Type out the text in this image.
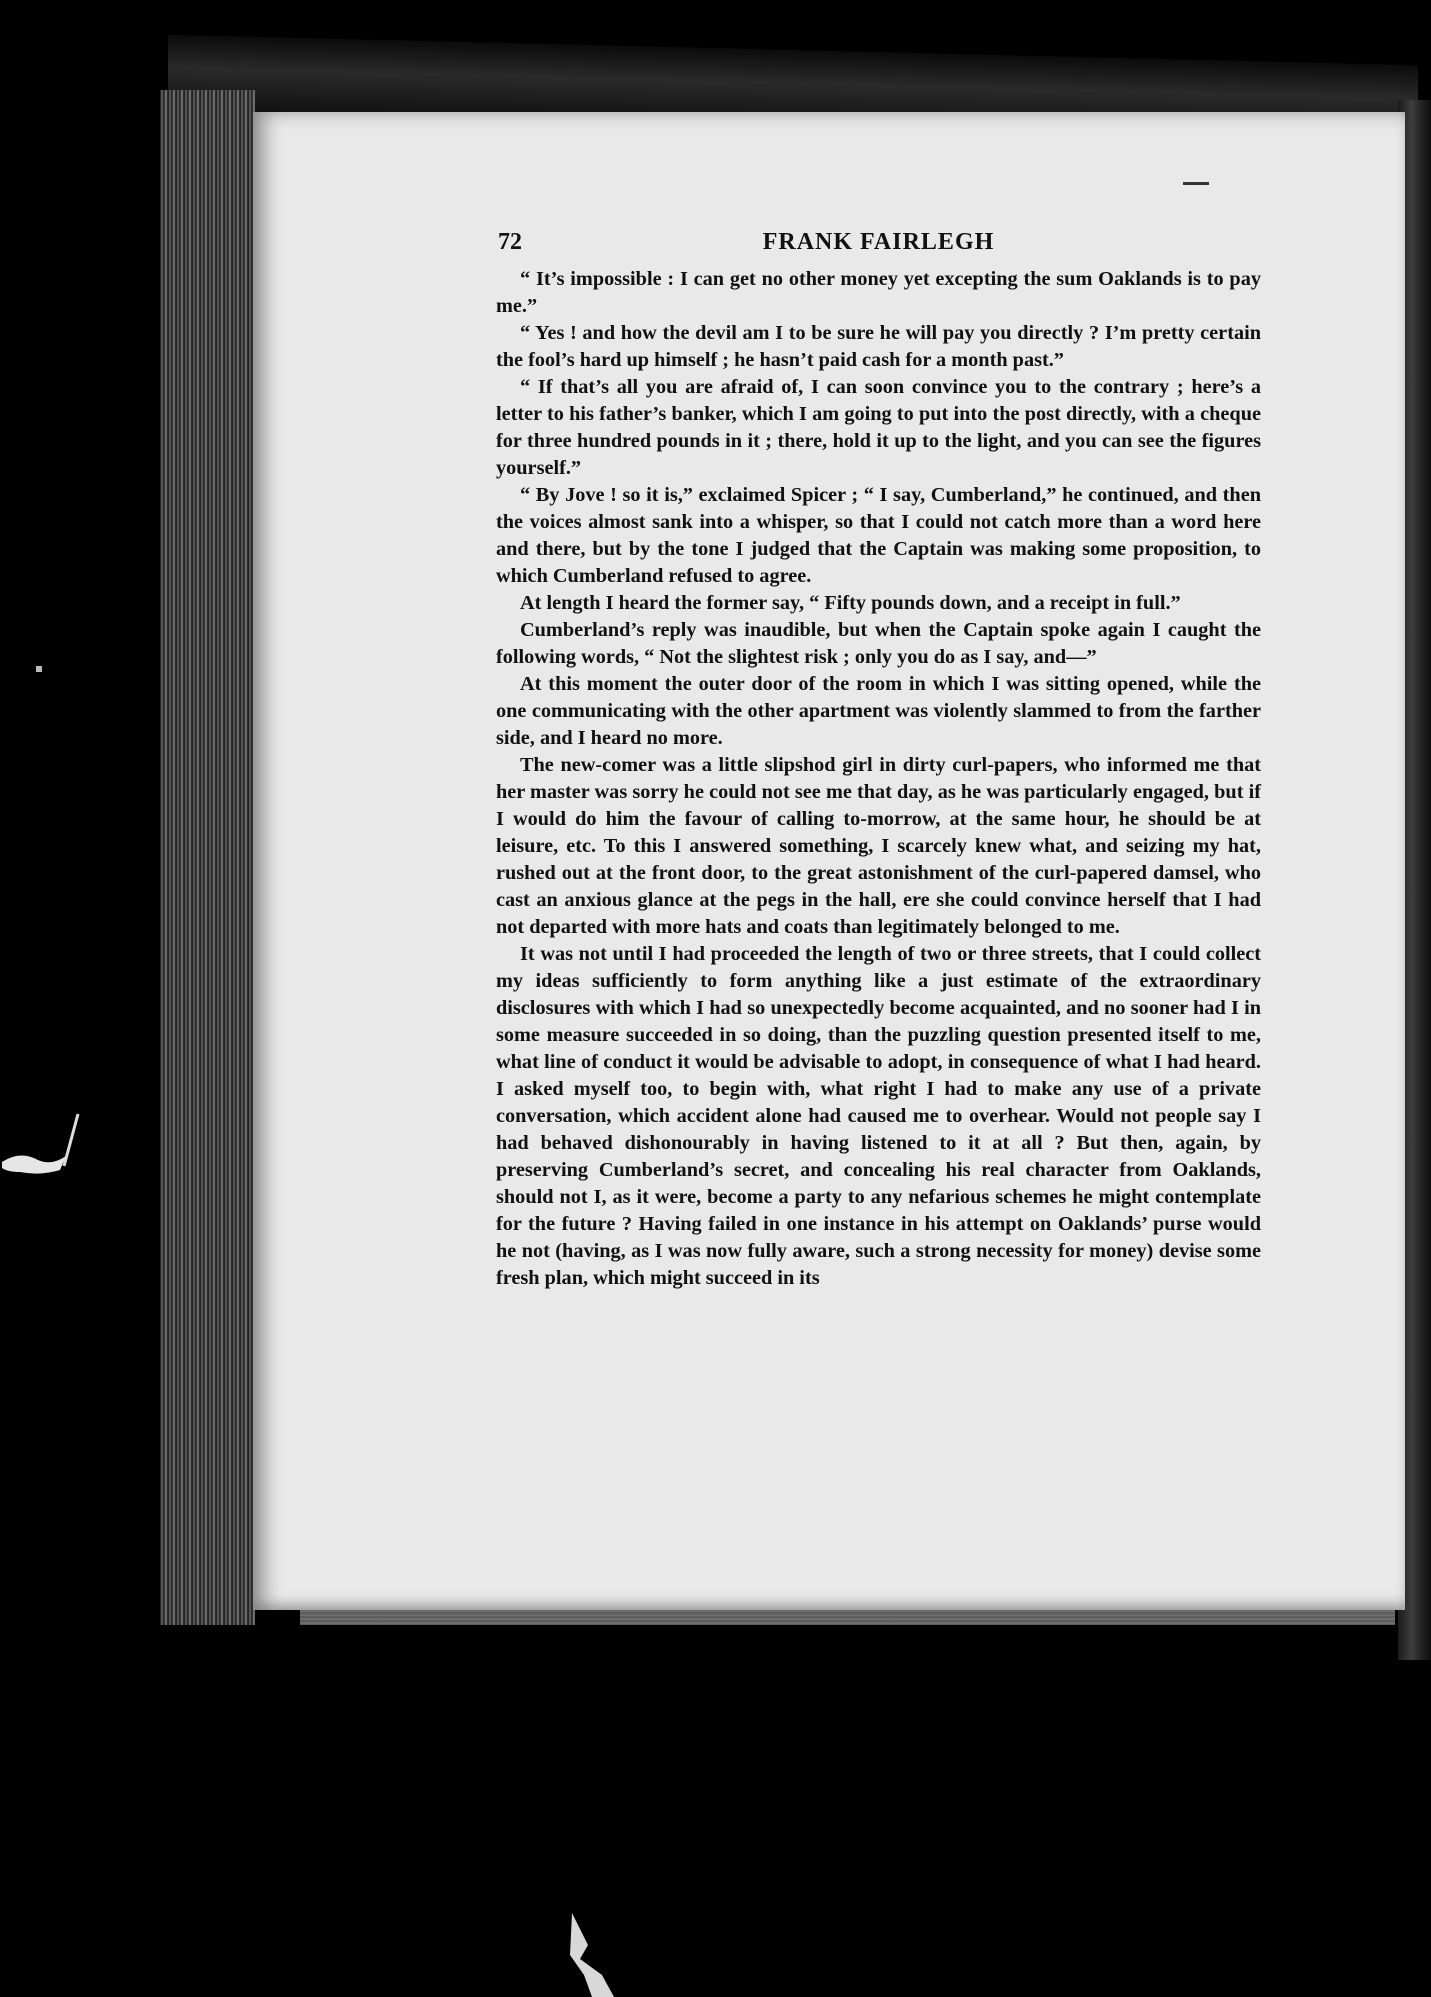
72	FRANK FAIRLEGH

“ It’s impossible : I can get no other money yet excepting the sum Oaklands is to pay me.”

“ Yes ! and how the devil am I to be sure he will pay you directly ? I’m pretty certain the fool’s hard up himself ; he hasn’t paid cash for a month past.”

“ If that’s all you are afraid of, I can soon convince you to the contrary ; here’s a letter to his father’s banker, which I am going to put into the post directly, with a cheque for three hundred pounds in it ; there, hold it up to the light, and you can see the figures yourself.”

“ By Jove ! so it is,” exclaimed Spicer ; “ I say, Cumberland,” he continued, and then the voices almost sank into a whisper, so that I could not catch more than a word here and there, but by the tone I judged that the Captain was making some proposition, to which Cumberland refused to agree.

At length I heard the former say, “ Fifty pounds down, and a receipt in full.”

Cumberland’s reply was inaudible, but when the Captain spoke again I caught the following words, “ Not the slightest risk ; only you do as I say, and—”

At this moment the outer door of the room in which I was sitting opened, while the one communicating with the other apartment was violently slammed to from the farther side, and I heard no more.

The new-comer was a little slipshod girl in dirty curl-papers, who informed me that her master was sorry he could not see me that day, as he was particularly engaged, but if I would do him the favour of calling to-morrow, at the same hour, he should be at leisure, etc. To this I answered something, I scarcely knew what, and seizing my hat, rushed out at the front door, to the great astonishment of the curl-papered damsel, who cast an anxious glance at the pegs in the hall, ere she could convince herself that I had not departed with more hats and coats than legitimately belonged to me.

It was not until I had proceeded the length of two or three streets, that I could collect my ideas sufficiently to form anything like a just estimate of the extraordinary disclosures with which I had so unexpectedly become acquainted, and no sooner had I in some measure succeeded in so doing, than the puzzling question presented itself to me, what line of conduct it would be advisable to adopt, in consequence of what I had heard. I asked myself too, to begin with, what right I had to make any use of a private conversation, which accident alone had caused me to overhear. Would not people say I had behaved dishonourably in having listened to it at all ? But then, again, by preserving Cumberland’s secret, and concealing his real character from Oaklands, should not I, as it were, become a party to any nefarious schemes he might contemplate for the future ? Having failed in one instance in his attempt on Oaklands’ purse would he not (having, as I was now fully aware, such a strong necessity for money) devise some fresh plan, which might succeed in its
